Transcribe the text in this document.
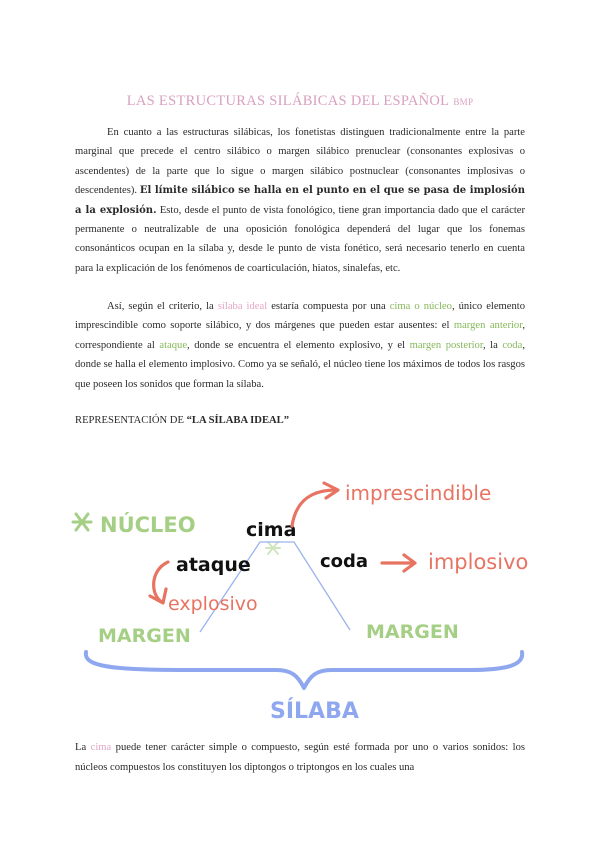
LAS ESTRUCTURAS SILÁBICAS DEL ESPAÑOL BMP

En cuanto a las estructuras silábicas, los fonetistas distinguen tradicionalmente entre la parte marginal que precede el centro silábico o margen silábico prenuclear (consonantes explosivas o ascendentes) de la parte que lo sigue o margen silábico postnuclear (consonantes implosivas o descendentes). El límite silábico se halla en el punto en el que se pasa de implosión a la explosión. Esto, desde el punto de vista fonológico, tiene gran importancia dado que el carácter permanente o neutralizable de una oposición fonológica dependerá del lugar que los fonemas consonánticos ocupan en la sílaba y, desde le punto de vista fonético, será necesario tenerlo en cuenta para la explicación de los fenómenos de coarticulación, hiatos, sinalefas, etc.

Así, según el criterio, la sílaba ideal estaría compuesta por una cima o núcleo, único elemento imprescindible como soporte silábico, y dos márgenes que pueden estar ausentes: el margen anterior, correspondiente al ataque, donde se encuentra el elemento explosivo, y el margen posterior, la coda, donde se halla el elemento implosivo. Como ya se señaló, el núcleo tiene los máximos de todos los rasgos que poseen los sonidos que forman la sílaba.

REPRESENTACIÓN DE “LA SÍLABA IDEAL”

NÚCLEO	cima
imprescindible
ataque
explosivo
coda	implosivo
MARGEN	MARGEN
SÍLABA

La cima puede tener carácter simple o compuesto, según esté formada por uno o varios sonidos: los núcleos compuestos los constituyen los diptongos o triptongos en los cuales una
